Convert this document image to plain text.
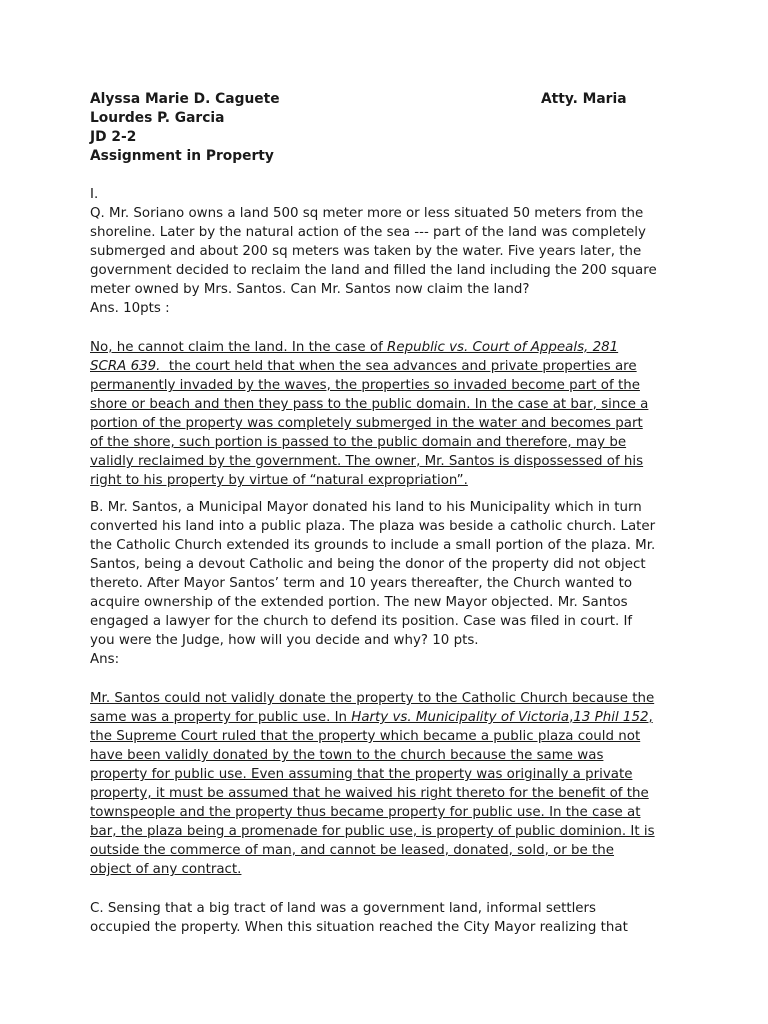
Alyssa Marie D. Caguete
Lourdes P. Garcia
JD 2-2
Assignment in Property
Atty. Maria
I.
Q. Mr. Soriano owns a land 500 sq meter more or less situated 50 meters from the
shoreline. Later by the natural action of the sea --- part of the land was completely
submerged and about 200 sq meters was taken by the water. Five years later, the
government decided to reclaim the land and filled the land including the 200 square
meter owned by Mrs. Santos. Can Mr. Santos now claim the land?
Ans. 10pts :
No, he cannot claim the land. In the case of Republic vs. Court of Appeals, 281
SCRA 639.  the court held that when the sea advances and private properties are
permanently invaded by the waves, the properties so invaded become part of the
shore or beach and then they pass to the public domain. In the case at bar, since a
portion of the property was completely submerged in the water and becomes part
of the shore, such portion is passed to the public domain and therefore, may be
validly reclaimed by the government. The owner, Mr. Santos is dispossessed of his
right to his property by virtue of “natural expropriation”.
B. Mr. Santos, a Municipal Mayor donated his land to his Municipality which in turn
converted his land into a public plaza. The plaza was beside a catholic church. Later
the Catholic Church extended its grounds to include a small portion of the plaza. Mr.
Santos, being a devout Catholic and being the donor of the property did not object
thereto. After Mayor Santos’ term and 10 years thereafter, the Church wanted to
acquire ownership of the extended portion. The new Mayor objected. Mr. Santos
engaged a lawyer for the church to defend its position. Case was filed in court. If
you were the Judge, how will you decide and why? 10 pts.
Ans:
Mr. Santos could not validly donate the property to the Catholic Church because the
same was a property for public use. In Harty vs. Municipality of Victoria,13 Phil 152,
the Supreme Court ruled that the property which became a public plaza could not
have been validly donated by the town to the church because the same was
property for public use. Even assuming that the property was originally a private
property, it must be assumed that he waived his right thereto for the benefit of the
townspeople and the property thus became property for public use. In the case at
bar, the plaza being a promenade for public use, is property of public dominion. It is
outside the commerce of man, and cannot be leased, donated, sold, or be the
object of any contract.
C. Sensing that a big tract of land was a government land, informal settlers
occupied the property. When this situation reached the City Mayor realizing that
